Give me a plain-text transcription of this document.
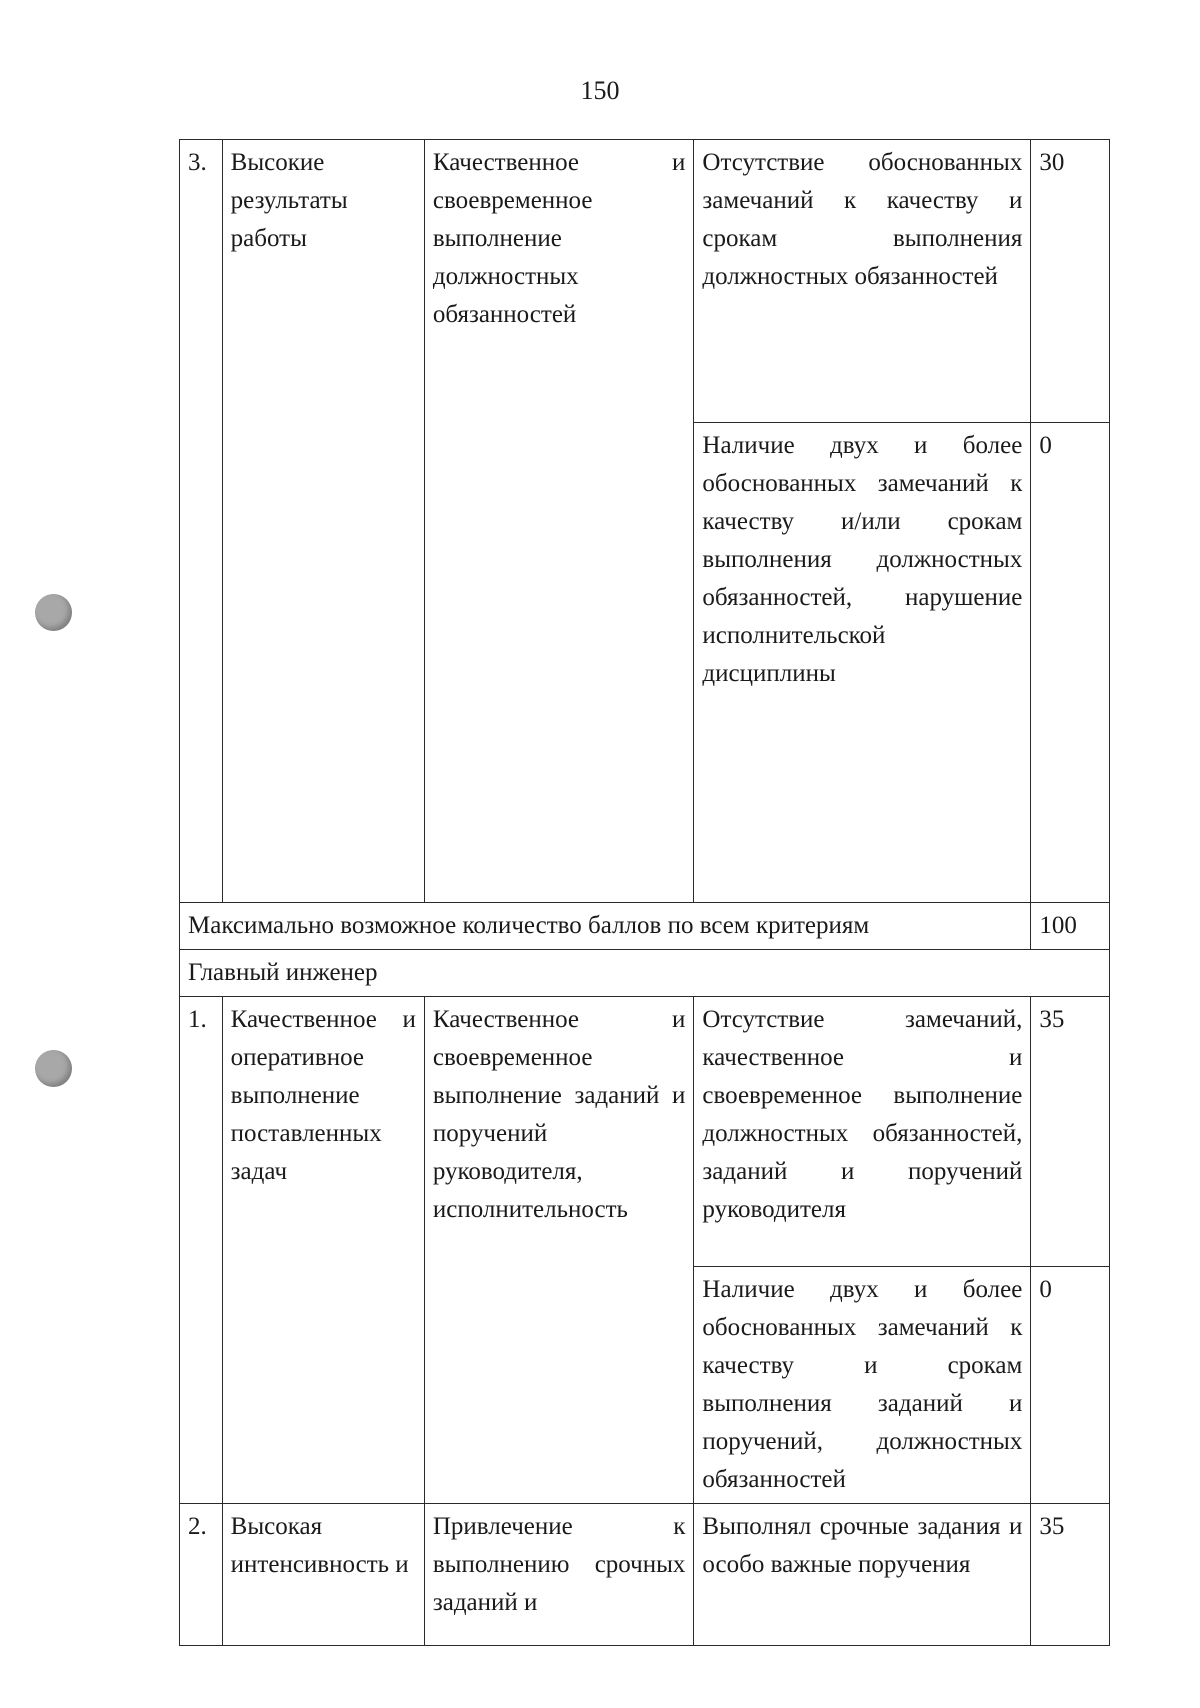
150
3.	Высокие результаты работы	Качественное и своевременное выполнение должностных обязанностей	Отсутствие обоснованных замечаний к качеству и срокам выполнения должностных обязанностей	30
			Наличие двух и более обоснованных замечаний к качеству и/или срокам выполнения должностных обязанностей, нарушение исполнительской дисциплины	0
Максимально возможное количество баллов по всем критериям				100
Главный инженер				
1.	Качественное и оперативное выполнение поставленных задач	Качественное и своевременное выполнение заданий и поручений руководителя, исполнительность	Отсутствие замечаний, качественное и своевременное выполнение должностных обязанностей, заданий и поручений руководителя	35
			Наличие двух и более обоснованных замечаний к качеству и срокам выполнения заданий и поручений, должностных обязанностей	0
2.	Высокая интенсивность и	Привлечение к выполнению срочных заданий и	Выполнял срочные задания и особо важные поручения	35
